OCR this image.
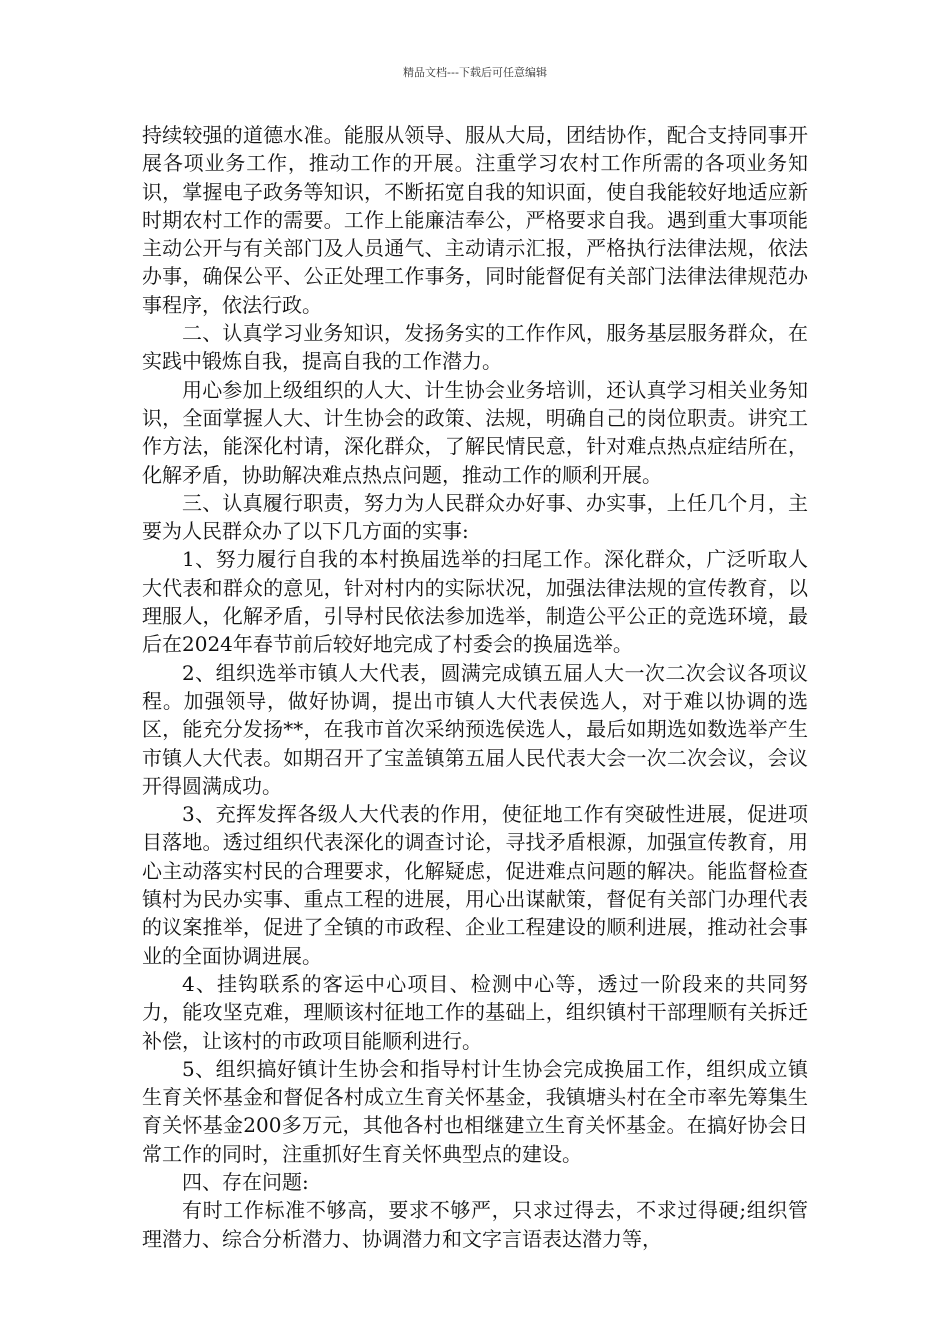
精品文档---下载后可任意编辑

持续较强的道德水准。能服从领导、服从大局，团结协作，配合支持同事开展各项业务工作，推动工作的开展。注重学习农村工作所需的各项业务知识，掌握电子政务等知识，不断拓宽自我的知识面，使自我能较好地适应新时期农村工作的需要。工作上能廉洁奉公，严格要求自我。遇到重大事项能主动公开与有关部门及人员通气、主动请示汇报，严格执行法律法规，依法办事，确保公平、公正处理工作事务，同时能督促有关部门法律法律规范办事程序，依法行政。

二、认真学习业务知识，发扬务实的工作作风，服务基层服务群众，在实践中锻炼自我，提高自我的工作潜力。

用心参加上级组织的人大、计生协会业务培训，还认真学习相关业务知识，全面掌握人大、计生协会的政策、法规，明确自己的岗位职责。讲究工作方法，能深化村请，深化群众，了解民情民意，针对难点热点症结所在，化解矛盾，协助解决难点热点问题，推动工作的顺利开展。

三、认真履行职责，努力为人民群众办好事、办实事，上任几个月，主要为人民群众办了以下几方面的实事:

1、努力履行自我的本村换届选举的扫尾工作。深化群众，广泛听取人大代表和群众的意见，针对村内的实际状况，加强法律法规的宣传教育，以理服人，化解矛盾，引导村民依法参加选举，制造公平公正的竞选环境，最后在2024年春节前后较好地完成了村委会的换届选举。

2、组织选举市镇人大代表，圆满完成镇五届人大一次二次会议各项议程。加强领导，做好协调，提出市镇人大代表侯选人，对于难以协调的选区，能充分发扬**，在我市首次采纳预选侯选人，最后如期选如数选举产生市镇人大代表。如期召开了宝盖镇第五届人民代表大会一次二次会议，会议开得圆满成功。

3、充挥发挥各级人大代表的作用，使征地工作有突破性进展，促进项目落地。透过组织代表深化的调查讨论，寻找矛盾根源，加强宣传教育，用心主动落实村民的合理要求，化解疑虑，促进难点问题的解决。能监督检查镇村为民办实事、重点工程的进展，用心出谋献策，督促有关部门办理代表的议案推举，促进了全镇的市政程、企业工程建设的顺利进展，推动社会事业的全面协调进展。

4、挂钩联系的客运中心项目、检测中心等，透过一阶段来的共同努力，能攻坚克难，理顺该村征地工作的基础上，组织镇村干部理顺有关拆迁补偿，让该村的市政项目能顺利进行。

5、组织搞好镇计生协会和指导村计生协会完成换届工作，组织成立镇生育关怀基金和督促各村成立生育关怀基金，我镇塘头村在全市率先筹集生育关怀基金200多万元，其他各村也相继建立生育关怀基金。在搞好协会日常工作的同时，注重抓好生育关怀典型点的建设。

四、存在问题:

有时工作标准不够高，要求不够严，只求过得去，不求过得硬;组织管理潜力、综合分析潜力、协调潜力和文字言语表达潜力等，
